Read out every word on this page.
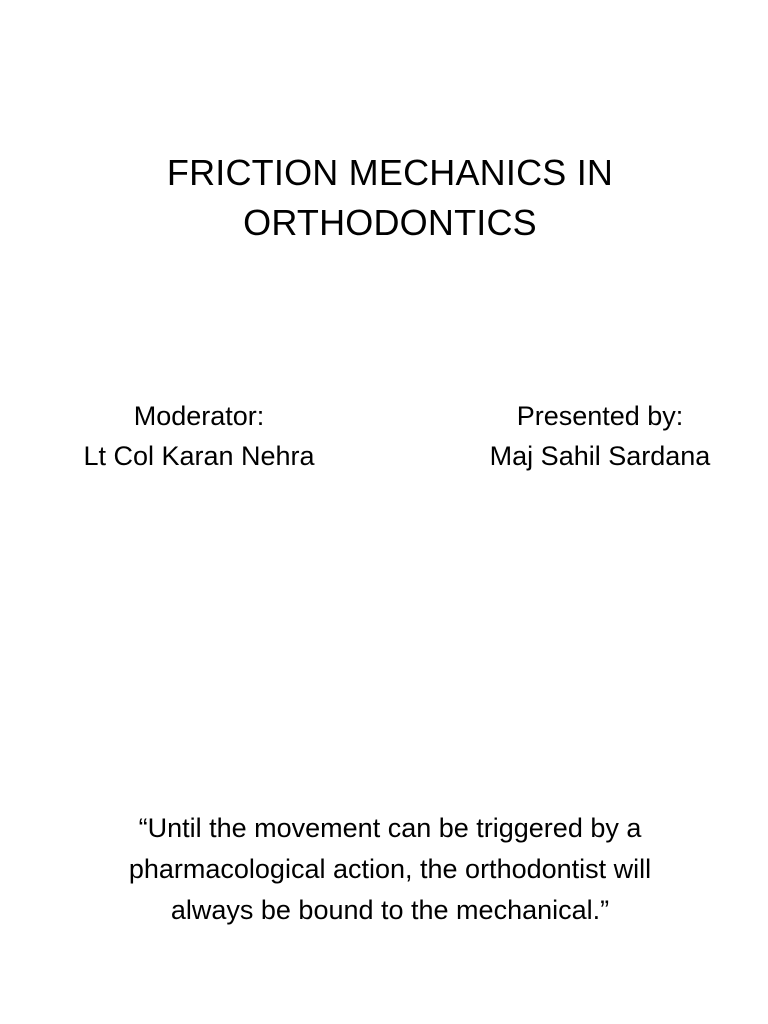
FRICTION MECHANICS IN
ORTHODONTICS
Moderator:
Lt Col Karan Nehra
Presented by:
Maj Sahil Sardana
“Until the movement can be triggered by a
pharmacological action, the orthodontist will
always be bound to the mechanical.”
